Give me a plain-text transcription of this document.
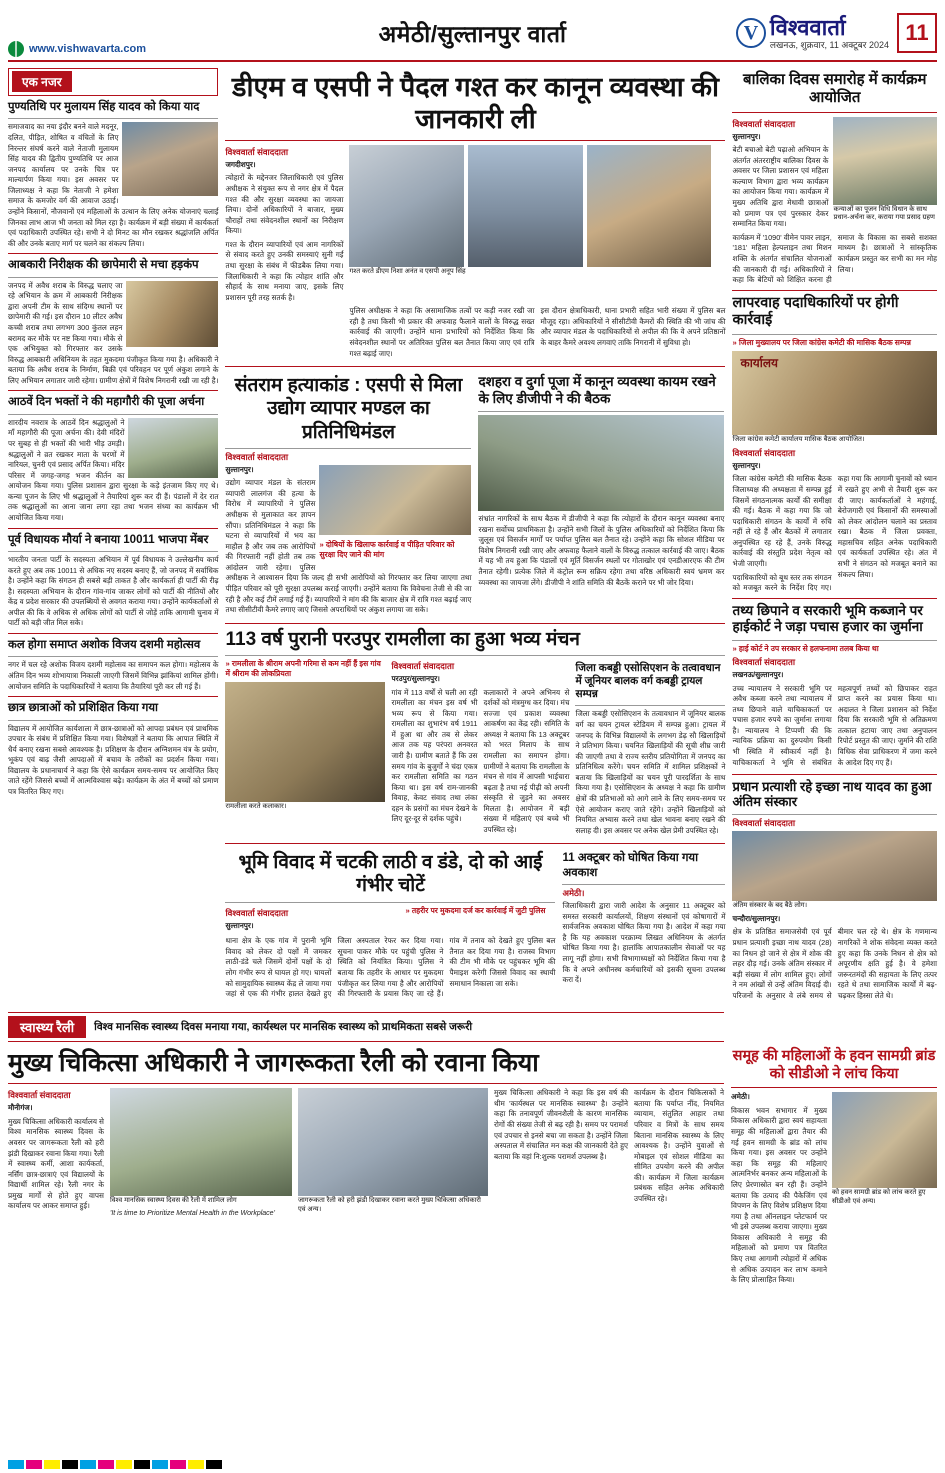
www.vishwavarta.com
अमेठी/सुल्तानपुर वार्ता	V विश्ववार्ता
लखनऊ, शुक्रवार, 11 अक्टूबर 2024 11
एक नजर
पुण्यतिथि पर मुलायम सिंह यादव को किया याद

समाजवाद का नया इंदौर बनने वाले मदनूर, दलित, पीड़ित, शोषित व वंचितों के लिए निरन्तर संघर्ष करने वाले नेताजी मुलायम सिंह यादव की द्वितीय पुण्यतिथि पर आज जनपद कार्यालय पर उनके चित्र पर माल्यार्पण किया गया। इस अवसर पर जिलाध्यक्ष ने कहा कि नेताजी ने हमेशा समाज के कमजोर वर्ग की आवाज उठाई। उन्होंने किसानों, नौजवानों एवं महिलाओं के उत्थान के लिए अनेक योजनाएं चलाईं जिनका लाभ आज भी जनता को मिल रहा है। कार्यक्रम में बड़ी संख्या में कार्यकर्ता एवं पदाधिकारी उपस्थित रहे। सभी ने दो मिनट का मौन रखकर श्रद्धांजलि अर्पित की और उनके बताए मार्ग पर चलने का संकल्प लिया।

आबकारी निरीक्षक की छापेमारी से मचा हड़कंप

जनपद में अवैध शराब के विरुद्ध चलाए जा रहे अभियान के क्रम में आबकारी निरीक्षक द्वारा अपनी टीम के साथ संदिग्ध स्थानों पर छापेमारी की गई। इस दौरान 10 लीटर अवैध कच्ची शराब तथा लगभग 300 कुंतल लहन बरामद कर मौके पर नष्ट किया गया। मौके से एक अभियुक्त को गिरफ्तार कर उसके विरुद्ध आबकारी अधिनियम के तहत मुकदमा पंजीकृत किया गया है। अधिकारी ने बताया कि अवैध शराब के निर्माण, बिक्री एवं परिवहन पर पूर्ण अंकुश लगाने के लिए अभियान लगातार जारी रहेगा। ग्रामीण क्षेत्रों में विशेष निगरानी रखी जा रही है।

आठवें दिन भक्तों ने की महागौरी की पूजा अर्चना

शारदीय नवरात्र के आठवें दिन श्रद्धालुओं ने माँ महागौरी की पूजा अर्चना की। देवी मंदिरों पर सुबह से ही भक्तों की भारी भीड़ उमड़ी। श्रद्धालुओं ने व्रत रखकर माता के चरणों में नारियल, चुनरी एवं प्रसाद अर्पित किया। मंदिर परिसर में जगह-जगह भजन कीर्तन का आयोजन किया गया। पुलिस प्रशासन द्वारा सुरक्षा के कड़े इंतजाम किए गए थे। कन्या पूजन के लिए भी श्रद्धालुओं ने तैयारियां शुरू कर दी हैं। पंडालों में देर रात तक श्रद्धालुओं का आना जाना लगा रहा तथा भजन संध्या का कार्यक्रम भी आयोजित किया गया।

पूर्व विधायक मौर्या ने बनाया 10011 भाजपा मेंबर

भारतीय जनता पार्टी के सदस्यता अभियान में पूर्व विधायक ने उल्लेखनीय कार्य करते हुए अब तक 10011 से अधिक नए सदस्य बनाए हैं, जो जनपद में सर्वाधिक है। उन्होंने कहा कि संगठन ही सबसे बड़ी ताकत है और कार्यकर्ता ही पार्टी की रीढ़ है। सदस्यता अभियान के दौरान गांव-गांव जाकर लोगों को पार्टी की नीतियों और केंद्र व प्रदेश सरकार की उपलब्धियों से अवगत कराया गया। उन्होंने कार्यकर्ताओं से अपील की कि वे अधिक से अधिक लोगों को पार्टी से जोड़ें ताकि आगामी चुनाव में पार्टी को बड़ी जीत मिल सके।

कल होगा समाप्त अशोक विजय दशमी महोत्सव

नगर में चल रहे अशोक विजय दशमी महोत्सव का समापन कल होगा। महोत्सव के अंतिम दिन भव्य शोभायात्रा निकाली जाएगी जिसमें विभिन्न झांकियां शामिल होंगी। आयोजन समिति के पदाधिकारियों ने बताया कि तैयारियां पूरी कर ली गई हैं।

छात्र छात्राओं को प्रशिक्षित किया गया

विद्यालय में आयोजित कार्यशाला में छात्र-छात्राओं को आपदा प्रबंधन एवं प्राथमिक उपचार के संबंध में प्रशिक्षित किया गया। विशेषज्ञों ने बताया कि आपात स्थिति में धैर्य बनाए रखना सबसे आवश्यक है। प्रशिक्षण के दौरान अग्निशमन यंत्र के प्रयोग, भूकंप एवं बाढ़ जैसी आपदाओं में बचाव के तरीकों का प्रदर्शन किया गया। विद्यालय के प्रधानाचार्य ने कहा कि ऐसे कार्यक्रम समय-समय पर आयोजित किए जाते रहेंगे जिससे बच्चों में आत्मविश्वास बढ़े। कार्यक्रम के अंत में बच्चों को प्रमाण पत्र वितरित किए गए।

डीएम व एसपी ने पैदल गश्त कर कानून व्यवस्था की जानकारी ली
विश्ववार्ता संवाददाता

जगदीशपुर।

त्योहारों के मद्देनजर जिलाधिकारी एवं पुलिस अधीक्षक ने संयुक्त रूप से नगर क्षेत्र में पैदल गश्त की और सुरक्षा व्यवस्था का जायजा लिया। दोनों अधिकारियों ने बाजार, मुख्य चौराहों तथा संवेदनशील स्थानों का निरीक्षण किया।

गश्त के दौरान व्यापारियों एवं आम नागरिकों से संवाद करते हुए उनकी समस्याएं सुनी गईं तथा सुरक्षा के संबंध में फीडबैक लिया गया। जिलाधिकारी ने कहा कि त्योहार शांति और सौहार्द के साथ मनाया जाए, इसके लिए प्रशासन पूरी तरह सतर्क है।

गश्त करते डीएम निशा अनंत व एसपी अनूप सिंह

पुलिस अधीक्षक ने कहा कि असामाजिक तत्वों पर कड़ी नजर रखी जा रही है तथा किसी भी प्रकार की अफवाह फैलाने वालों के विरुद्ध सख्त कार्रवाई की जाएगी। उन्होंने थाना प्रभारियों को निर्देशित किया कि संवेदनशील स्थानों पर अतिरिक्त पुलिस बल तैनात किया जाए एवं रात्रि गश्त बढ़ाई जाए।

इस दौरान क्षेत्राधिकारी, थाना प्रभारी सहित भारी संख्या में पुलिस बल मौजूद रहा। अधिकारियों ने सीसीटीवी कैमरों की स्थिति की भी जांच की और व्यापार मंडल के पदाधिकारियों से अपील की कि वे अपने प्रतिष्ठानों के बाहर कैमरे अवश्य लगवाएं ताकि निगरानी में सुविधा हो।

संतराम हत्याकांड : एसपी से मिला उद्योग व्यापार मण्डल का प्रतिनिधिमंडल
विश्ववार्ता संवाददाता

सुल्तानपुर।

» दोषियों के खिलाफ कार्रवाई व पीड़ित परिवार को सुरक्षा दिए जाने की मांग

उद्योग व्यापार मंडल के संतराम व्यापारी लालगंज की हत्या के विरोध में व्यापारियों ने पुलिस अधीक्षक से मुलाकात कर ज्ञापन सौंपा। प्रतिनिधिमंडल ने कहा कि घटना से व्यापारियों में भय का माहौल है और जब तक आरोपियों की गिरफ्तारी नहीं होती तब तक आंदोलन जारी रहेगा। पुलिस अधीक्षक ने आश्वासन दिया कि जल्द ही सभी आरोपियों को गिरफ्तार कर लिया जाएगा तथा पीड़ित परिवार को पूरी सुरक्षा उपलब्ध कराई जाएगी। उन्होंने बताया कि विवेचना तेजी से की जा रही है और कई टीमें लगाई गई हैं। व्यापारियों ने मांग की कि बाजार क्षेत्र में रात्रि गश्त बढ़ाई जाए तथा सीसीटीवी कैमरे लगाए जाएं जिससे अपराधियों पर अंकुश लगाया जा सके।

दशहरा व दुर्गा पूजा में कानून व्यवस्था कायम रखने के लिए डीजीपी ने की बैठक

संभ्रांत नागरिकों के साथ बैठक में डीजीपी ने कहा कि त्योहारों के दौरान कानून व्यवस्था बनाए रखना सर्वोच्च प्राथमिकता है। उन्होंने सभी जिलों के पुलिस अधिकारियों को निर्देशित किया कि जुलूस एवं विसर्जन मार्गों पर पर्याप्त पुलिस बल तैनात रहे। उन्होंने कहा कि सोशल मीडिया पर विशेष निगरानी रखी जाए और अफवाह फैलाने वालों के विरुद्ध तत्काल कार्रवाई की जाए। बैठक में यह भी तय हुआ कि पंडालों एवं मूर्ति विसर्जन स्थलों पर गोताखोर एवं एनडीआरएफ की टीम तैनात रहेगी। प्रत्येक जिले में कंट्रोल रूम सक्रिय रहेगा तथा वरिष्ठ अधिकारी स्वयं भ्रमण कर व्यवस्था का जायजा लेंगे। डीजीपी ने शांति समिति की बैठकें कराने पर भी जोर दिया।

113 वर्ष पुरानी परउपुर रामलीला का हुआ भव्य मंचन
» रामलीला के श्रीराम अपनी गरिमा से कम नहीं हैं इस गांव में श्रीराम की लोकप्रियता
रामलीला करते कलाकार।
विश्ववार्ता संवाददाता

परउपुर/सुल्तानपुर।

गांव में 113 वर्षों से चली आ रही रामलीला का मंचन इस वर्ष भी भव्य रूप से किया गया। रामलीला का शुभारंभ वर्ष 1911 में हुआ था और तब से लेकर आज तक यह परंपरा अनवरत जारी है। ग्रामीण बताते हैं कि उस समय गांव के बुजुर्गों ने चंदा एकत्र कर रामलीला समिति का गठन किया था। इस वर्ष राम-जानकी विवाह, केवट संवाद तथा लंका दहन के प्रसंगों का मंचन देखने के लिए दूर-दूर से दर्शक पहुंचे।

कलाकारों ने अपने अभिनय से दर्शकों को मंत्रमुग्ध कर दिया। मंच सज्जा एवं प्रकाश व्यवस्था आकर्षण का केंद्र रही। समिति के अध्यक्ष ने बताया कि 13 अक्टूबर को भरत मिलाप के साथ रामलीला का समापन होगा। ग्रामीणों ने बताया कि रामलीला के मंचन से गांव में आपसी भाईचारा बढ़ता है तथा नई पीढ़ी को अपनी संस्कृति से जुड़ने का अवसर मिलता है। आयोजन में बड़ी संख्या में महिलाएं एवं बच्चे भी उपस्थित रहे।

जिला कबड्डी एसोसिएशन के तत्वावधान में जूनियर बालक वर्ग कबड्डी ट्रायल सम्पन्न

जिला कबड्डी एसोसिएशन के तत्वावधान में जूनियर बालक वर्ग का चयन ट्रायल स्टेडियम में सम्पन्न हुआ। ट्रायल में जनपद के विभिन्न विद्यालयों के लगभग डेढ़ सौ खिलाड़ियों ने प्रतिभाग किया। चयनित खिलाड़ियों की सूची शीघ्र जारी की जाएगी तथा वे राज्य स्तरीय प्रतियोगिता में जनपद का प्रतिनिधित्व करेंगे। चयन समिति में शामिल प्रशिक्षकों ने बताया कि खिलाड़ियों का चयन पूरी पारदर्शिता के साथ किया गया है। एसोसिएशन के अध्यक्ष ने कहा कि ग्रामीण क्षेत्रों की प्रतिभाओं को आगे लाने के लिए समय-समय पर ऐसे आयोजन कराए जाते रहेंगे। उन्होंने खिलाड़ियों को नियमित अभ्यास करने तथा खेल भावना बनाए रखने की सलाह दी। इस अवसर पर अनेक खेल प्रेमी उपस्थित रहे।

भूमि विवाद में चटकी लाठी व डंडे, दो को आई गंभीर चोटें
विश्ववार्ता संवाददाता

सुल्तानपुर।

» तहरीर पर मुकदमा दर्ज कर कार्रवाई में जुटी पुलिस

थाना क्षेत्र के एक गांव में पुरानी भूमि विवाद को लेकर दो पक्षों में जमकर लाठी-डंडे चले जिसमें दोनों पक्षों के दो लोग गंभीर रूप से घायल हो गए। घायलों को सामुदायिक स्वास्थ्य केंद्र ले जाया गया जहां से एक की गंभीर हालत देखते हुए जिला अस्पताल रेफर कर दिया गया। सूचना पाकर मौके पर पहुंची पुलिस ने स्थिति को नियंत्रित किया। पुलिस ने बताया कि तहरीर के आधार पर मुकदमा पंजीकृत कर लिया गया है और आरोपियों की गिरफ्तारी के प्रयास किए जा रहे हैं। गांव में तनाव को देखते हुए पुलिस बल तैनात कर दिया गया है। राजस्व विभाग की टीम भी मौके पर पहुंचकर भूमि की पैमाइश करेगी जिससे विवाद का स्थायी समाधान निकाला जा सके।

11 अक्टूबर को घोषित किया गया अवकाश
अमेठी।

जिलाधिकारी द्वारा जारी आदेश के अनुसार 11 अक्टूबर को समस्त सरकारी कार्यालयों, शिक्षण संस्थानों एवं कोषागारों में सार्वजनिक अवकाश घोषित किया गया है। आदेश में कहा गया है कि यह अवकाश परक्राम्य लिखत अधिनियम के अंतर्गत घोषित किया गया है। हालांकि आपातकालीन सेवाओं पर यह लागू नहीं होगा। सभी विभागाध्यक्षों को निर्देशित किया गया है कि वे अपने अधीनस्थ कर्मचारियों को इसकी सूचना उपलब्ध करा दें।

बालिका दिवस समारोह में कार्यक्रम आयोजित
विश्ववार्ता संवाददाता

सुल्तानपुर।

बेटी बचाओ बेटी पढ़ाओ अभियान के अंतर्गत अंतरराष्ट्रीय बालिका दिवस के अवसर पर जिला प्रशासन एवं महिला कल्याण विभाग द्वारा भव्य कार्यक्रम का आयोजन किया गया। कार्यक्रम में मुख्य अतिथि द्वारा मेधावी छात्राओं को प्रमाण पत्र एवं पुरस्कार देकर सम्मानित किया गया।

कन्याओं का पूजन विधि विधान के साथ प्रधान-अर्चना कर, कराया गया प्रसाद ग्रहण

कार्यक्रम में '1090' वीमेन पावर लाइन, '181' महिला हेल्पलाइन तथा मिशन शक्ति के अंतर्गत संचालित योजनाओं की जानकारी दी गई। अधिकारियों ने कहा कि बेटियों को शिक्षित करना ही समाज के विकास का सबसे सशक्त माध्यम है। छात्राओं ने सांस्कृतिक कार्यक्रम प्रस्तुत कर सभी का मन मोह लिया।

लापरवाह पदाधिकारियों पर होगी कार्रवाई
» जिला मुख्यालय पर जिला कांग्रेस कमेटी की मासिक बैठक सम्पन्न
कार्यालय
जिला कांग्रेस कमेटी कार्यालय मासिक बैठक आयोजित।
विश्ववार्ता संवाददाता

सुल्तानपुर।

जिला कांग्रेस कमेटी की मासिक बैठक जिलाध्यक्ष की अध्यक्षता में सम्पन्न हुई जिसमें संगठनात्मक कार्यों की समीक्षा की गई। बैठक में कहा गया कि जो पदाधिकारी संगठन के कार्यों में रुचि नहीं ले रहे हैं और बैठकों में लगातार अनुपस्थित रह रहे हैं, उनके विरुद्ध कार्रवाई की संस्तुति प्रदेश नेतृत्व को भेजी जाएगी।

पदाधिकारियों को बूथ स्तर तक संगठन को मजबूत करने के निर्देश दिए गए। कहा गया कि आगामी चुनावों को ध्यान में रखते हुए अभी से तैयारी शुरू कर दी जाए। कार्यकर्ताओं ने महंगाई, बेरोजगारी एवं किसानों की समस्याओं को लेकर आंदोलन चलाने का प्रस्ताव रखा। बैठक में जिला प्रवक्ता, महासचिव सहित अनेक पदाधिकारी एवं कार्यकर्ता उपस्थित रहे। अंत में सभी ने संगठन को मजबूत बनाने का संकल्प लिया।

तथ्य छिपाने व सरकारी भूमि कब्जाने पर हाईकोर्ट ने जड़ा पचास हजार का जुर्माना
» हाई कोर्ट ने उप सरकार से हलफनामा तलब किया था
विश्ववार्ता संवाददाता

लखनऊ/सुल्तानपुर।

उच्च न्यायालय ने सरकारी भूमि पर अवैध कब्जा करने तथा न्यायालय में तथ्य छिपाने वाले याचिकाकर्ता पर पचास हजार रुपये का जुर्माना लगाया है। न्यायालय ने टिप्पणी की कि न्यायिक प्रक्रिया का दुरुपयोग किसी भी स्थिति में स्वीकार्य नहीं है। याचिकाकर्ता ने भूमि से संबंधित महत्वपूर्ण तथ्यों को छिपाकर राहत प्राप्त करने का प्रयास किया था। अदालत ने जिला प्रशासन को निर्देश दिया कि सरकारी भूमि से अतिक्रमण तत्काल हटाया जाए तथा अनुपालन रिपोर्ट प्रस्तुत की जाए। जुर्माने की राशि विधिक सेवा प्राधिकरण में जमा करने के आदेश दिए गए हैं।

प्रधान प्रत्याशी रहे इच्छा नाथ यादव का हुआ अंतिम संस्कार
विश्ववार्ता संवाददाता
अंतिम संस्कार के बद बैठे लोग।

चन्दौरा/सुल्तानपुर।

क्षेत्र के प्रतिष्ठित समाजसेवी एवं पूर्व प्रधान प्रत्याशी इच्छा नाथ यादव (28) का निधन हो जाने से क्षेत्र में शोक की लहर दौड़ गई। उनके अंतिम संस्कार में बड़ी संख्या में लोग शामिल हुए। लोगों ने नम आंखों से उन्हें अंतिम विदाई दी। परिजनों के अनुसार वे लंबे समय से बीमार चल रहे थे। क्षेत्र के गणमान्य नागरिकों ने शोक संवेदना व्यक्त करते हुए कहा कि उनके निधन से क्षेत्र को अपूरणीय क्षति हुई है। वे हमेशा जरूरतमंदों की सहायता के लिए तत्पर रहते थे तथा सामाजिक कार्यों में बढ़-चढ़कर हिस्सा लेते थे।

स्वास्थ्य रैली	विश्व मानसिक स्वास्थ्य दिवस मनाया गया, कार्यस्थल पर मानसिक स्वास्थ्य को प्राथमिकता सबसे जरूरी
मुख्य चिकित्सा अधिकारी ने जागरूकता रैली को रवाना किया
विश्ववार्ता संवाददाता

मौनीगंज।

मुख्य चिकित्सा अधिकारी कार्यालय से विश्व मानसिक स्वास्थ्य दिवस के अवसर पर जागरूकता रैली को हरी झंडी दिखाकर रवाना किया गया। रैली में स्वास्थ्य कर्मी, आशा कार्यकर्ता, नर्सिंग छात्र-छात्राएं एवं विद्यालयों के विद्यार्थी शामिल रहे। रैली नगर के प्रमुख मार्गों से होते हुए वापस कार्यालय पर आकर समाप्त हुई।

विश्व मानसिक स्वास्थ्य दिवस की रैली में शामिल लोग

'It is time to Prioritize Mental Health in the Workplace'

जागरूकता रैली को हरी झंडी दिखाकर रवाना करते मुख्य चिकित्सा अधिकारी एवं अन्य।

मुख्य चिकित्सा अधिकारी ने कहा कि इस वर्ष की थीम 'कार्यस्थल पर मानसिक स्वास्थ्य' है। उन्होंने कहा कि तनावपूर्ण जीवनशैली के कारण मानसिक रोगों की संख्या तेजी से बढ़ रही है। समय पर परामर्श एवं उपचार से इनसे बचा जा सकता है। उन्होंने जिला अस्पताल में संचालित मन कक्ष की जानकारी देते हुए बताया कि वहां नि:शुल्क परामर्श उपलब्ध है।

कार्यक्रम के दौरान चिकित्सकों ने बताया कि पर्याप्त नींद, नियमित व्यायाम, संतुलित आहार तथा परिवार व मित्रों के साथ समय बिताना मानसिक स्वास्थ्य के लिए आवश्यक है। उन्होंने युवाओं से मोबाइल एवं सोशल मीडिया का सीमित उपयोग करने की अपील की। कार्यक्रम में जिला कार्यक्रम प्रबंधक सहित अनेक अधिकारी उपस्थित रहे।

समूह की महिलाओं के हवन सामग्री ब्रांड को सीडीओ ने लांच किया

अमेठी।

विकास भवन सभागार में मुख्य विकास अधिकारी द्वारा स्वयं सहायता समूह की महिलाओं द्वारा तैयार की गई हवन सामग्री के ब्रांड को लांच किया गया। इस अवसर पर उन्होंने कहा कि समूह की महिलाएं आत्मनिर्भर बनकर अन्य महिलाओं के लिए प्रेरणास्रोत बन रही हैं। उन्होंने बताया कि उत्पाद की पैकेजिंग एवं विपणन के लिए विशेष प्रशिक्षण दिया गया है तथा ऑनलाइन प्लेटफार्म पर भी इसे उपलब्ध कराया जाएगा। मुख्य विकास अधिकारी ने समूह की महिलाओं को प्रमाण पत्र वितरित किए तथा आगामी त्योहारों में अधिक से अधिक उत्पादन कर लाभ कमाने के लिए प्रोत्साहित किया।

को हवन सामग्री ब्रांड को लांच करते हुए सीडीओ एवं अन्य।
